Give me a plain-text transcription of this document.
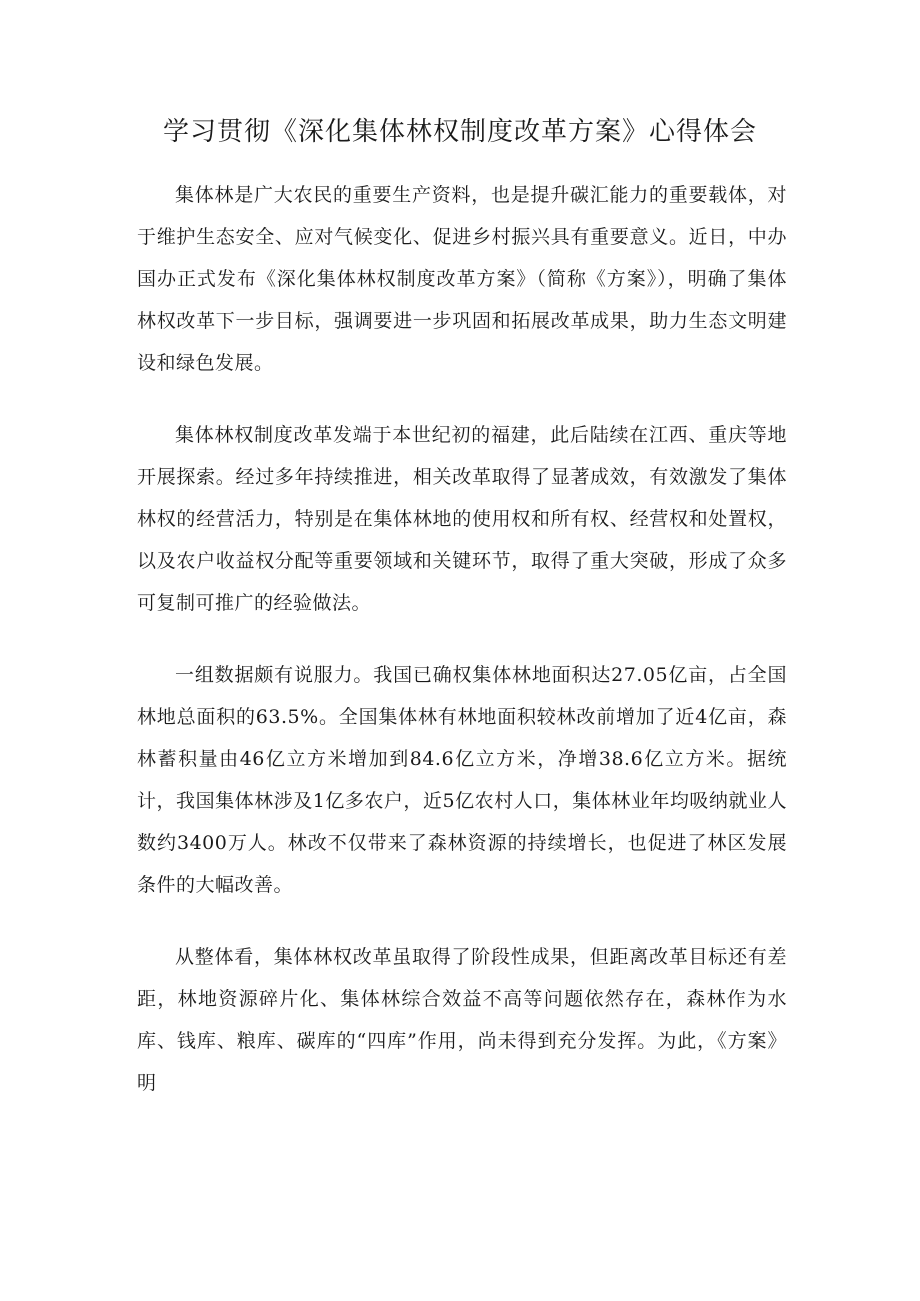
学习贯彻《深化集体林权制度改革方案》心得体会

集体林是广大农民的重要生产资料，也是提升碳汇能力的重要载体，对于维护生态安全、应对气候变化、促进乡村振兴具有重要意义。近日，中办国办正式发布《深化集体林权制度改革方案》（简称《方案》），明确了集体林权改革下一步目标，强调要进一步巩固和拓展改革成果，助力生态文明建设和绿色发展。

集体林权制度改革发端于本世纪初的福建，此后陆续在江西、重庆等地开展探索。经过多年持续推进，相关改革取得了显著成效，有效激发了集体林权的经营活力，特别是在集体林地的使用权和所有权、经营权和处置权，以及农户收益权分配等重要领域和关键环节，取得了重大突破，形成了众多可复制可推广的经验做法。

一组数据颇有说服力。我国已确权集体林地面积达27.05亿亩，占全国林地总面积的63.5%。全国集体林有林地面积较林改前增加了近4亿亩，森林蓄积量由46亿立方米增加到84.6亿立方米，净增38.6亿立方米。据统计，我国集体林涉及1亿多农户，近5亿农村人口，集体林业年均吸纳就业人数约3400万人。林改不仅带来了森林资源的持续增长，也促进了林区发展条件的大幅改善。

从整体看，集体林权改革虽取得了阶段性成果，但距离改革目标还有差距，林地资源碎片化、集体林综合效益不高等问题依然存在，森林作为水库、钱库、粮库、碳库的“四库”作用，尚未得到充分发挥。为此，《方案》明
